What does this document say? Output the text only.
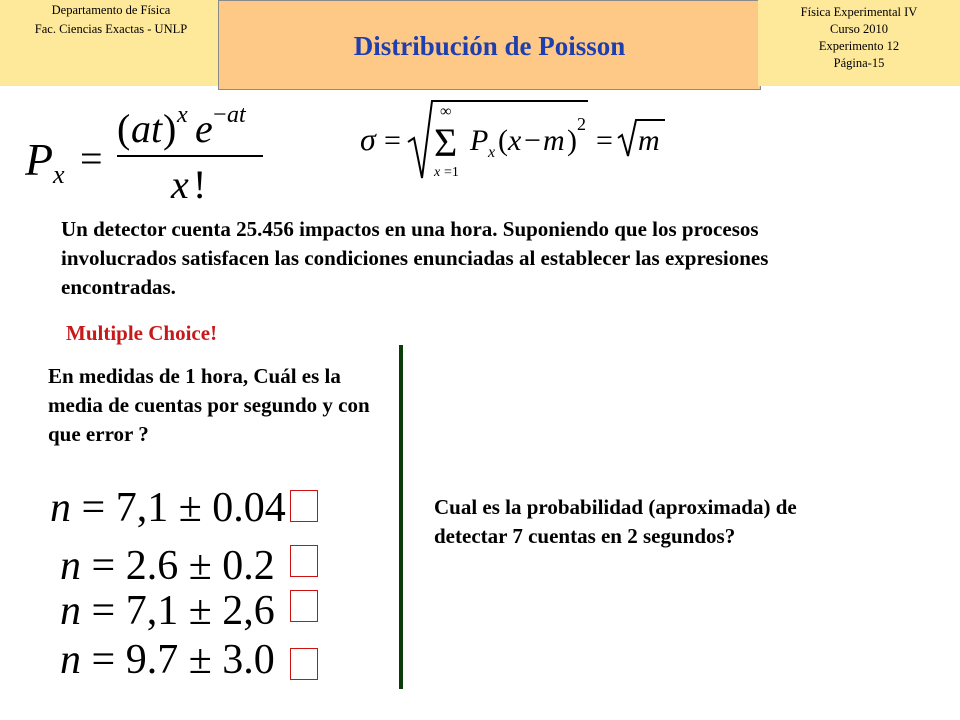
Departamento de Física
Fac. Ciencias Exactas - UNLP
Distribución de Poisson
Física Experimental IV
Curso 2010
Experimento 12
Página-15
P x =
( at ) x e − at
x !
σ =
∞
Σ
x =1
P x ( x − m ) 2 = m
Un detector cuenta 25.456 impactos en una hora. Suponiendo que los procesos involucrados satisfacen las condiciones enunciadas al establecer las expresiones encontradas.
Multiple Choice!
En medidas de 1 hora, Cuál es la media de cuentas por segundo y con que error ?
Cual es la probabilidad (aproximada) de detectar 7 cuentas en 2 segundos?
n = 7,1 ± 0.04
n = 2.6 ± 0.2
n = 7,1 ± 2,6
n = 9.7 ± 3.0
